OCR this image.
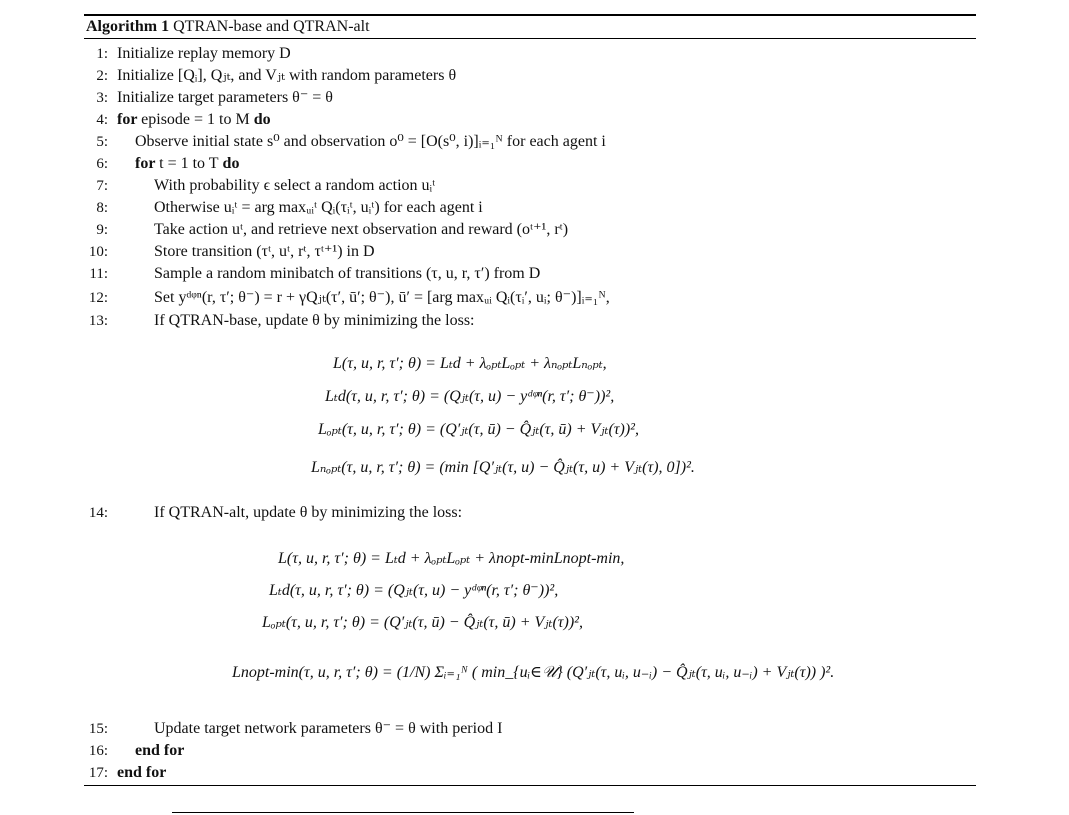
Algorithm 1 QTRAN-base and QTRAN-alt
1: Initialize replay memory D
2: Initialize [Qᵢ], Qⱼₜ, and Vⱼₜ with random parameters θ
3: Initialize target parameters θ⁻ = θ
4: for episode = 1 to M do
5: Observe initial state s⁰ and observation o⁰ = [O(s⁰, i)]ᵢ₌₁ᴺ for each agent i
6: for t = 1 to T do
7:	With probability ϵ select a random action uᵢᵗ
8:	Otherwise uᵢᵗ = arg maxᵤᵢᵗ Qᵢ(τᵢᵗ, uᵢᵗ) for each agent i
9:	Take action uᵗ, and retrieve next observation and reward (oᵗ⁺¹, rᵗ)
10:	Store transition (τᵗ, uᵗ, rᵗ, τᵗ⁺¹) in D
11:	Sample a random minibatch of transitions (τ, u, r, τ′) from D
12:	Set yᵈᵠⁿ(r, τ′; θ⁻) = r + γQⱼₜ(τ′, ū′; θ⁻), ū′ = [arg maxᵤᵢ Qᵢ(τᵢ′, uᵢ; θ⁻)]ᵢ₌₁ᴺ,
13:	If QTRAN-base, update θ by minimizing the loss:
14:	If QTRAN-alt, update θ by minimizing the loss:
15:	Update target network parameters θ⁻ = θ with period I
16: end for
17: end for
L(τ, u, r, τ′; θ) = Lₜd + λₒₚₜLₒₚₜ + λₙₒₚₜLₙₒₚₜ,
Lₜd(τ, u, r, τ′; θ) = (Qⱼₜ(τ, u) − yᵈᵠⁿ(r, τ′; θ⁻))²,
Lₒₚₜ(τ, u, r, τ′; θ) = (Q′ⱼₜ(τ, ū) − Q̂ⱼₜ(τ, ū) + Vⱼₜ(τ))²,
Lₙₒₚₜ(τ, u, r, τ′; θ) = (min [Q′ⱼₜ(τ, u) − Q̂ⱼₜ(τ, u) + Vⱼₜ(τ), 0])².
L(τ, u, r, τ′; θ) = Lₜd + λₒₚₜLₒₚₜ + λnopt-minLnopt-min,
Lₜd(τ, u, r, τ′; θ) = (Qⱼₜ(τ, u) − yᵈᵠⁿ(r, τ′; θ⁻))²,
Lₒₚₜ(τ, u, r, τ′; θ) = (Q′ⱼₜ(τ, ū) − Q̂ⱼₜ(τ, ū) + Vⱼₜ(τ))²,
Lnopt-min(τ, u, r, τ′; θ) = (1/N) Σᵢ₌₁ᴺ ( min_{uᵢ∈𝒰} (Q′ⱼₜ(τ, uᵢ, u₋ᵢ) − Q̂ⱼₜ(τ, uᵢ, u₋ᵢ) + Vⱼₜ(τ)) )².
